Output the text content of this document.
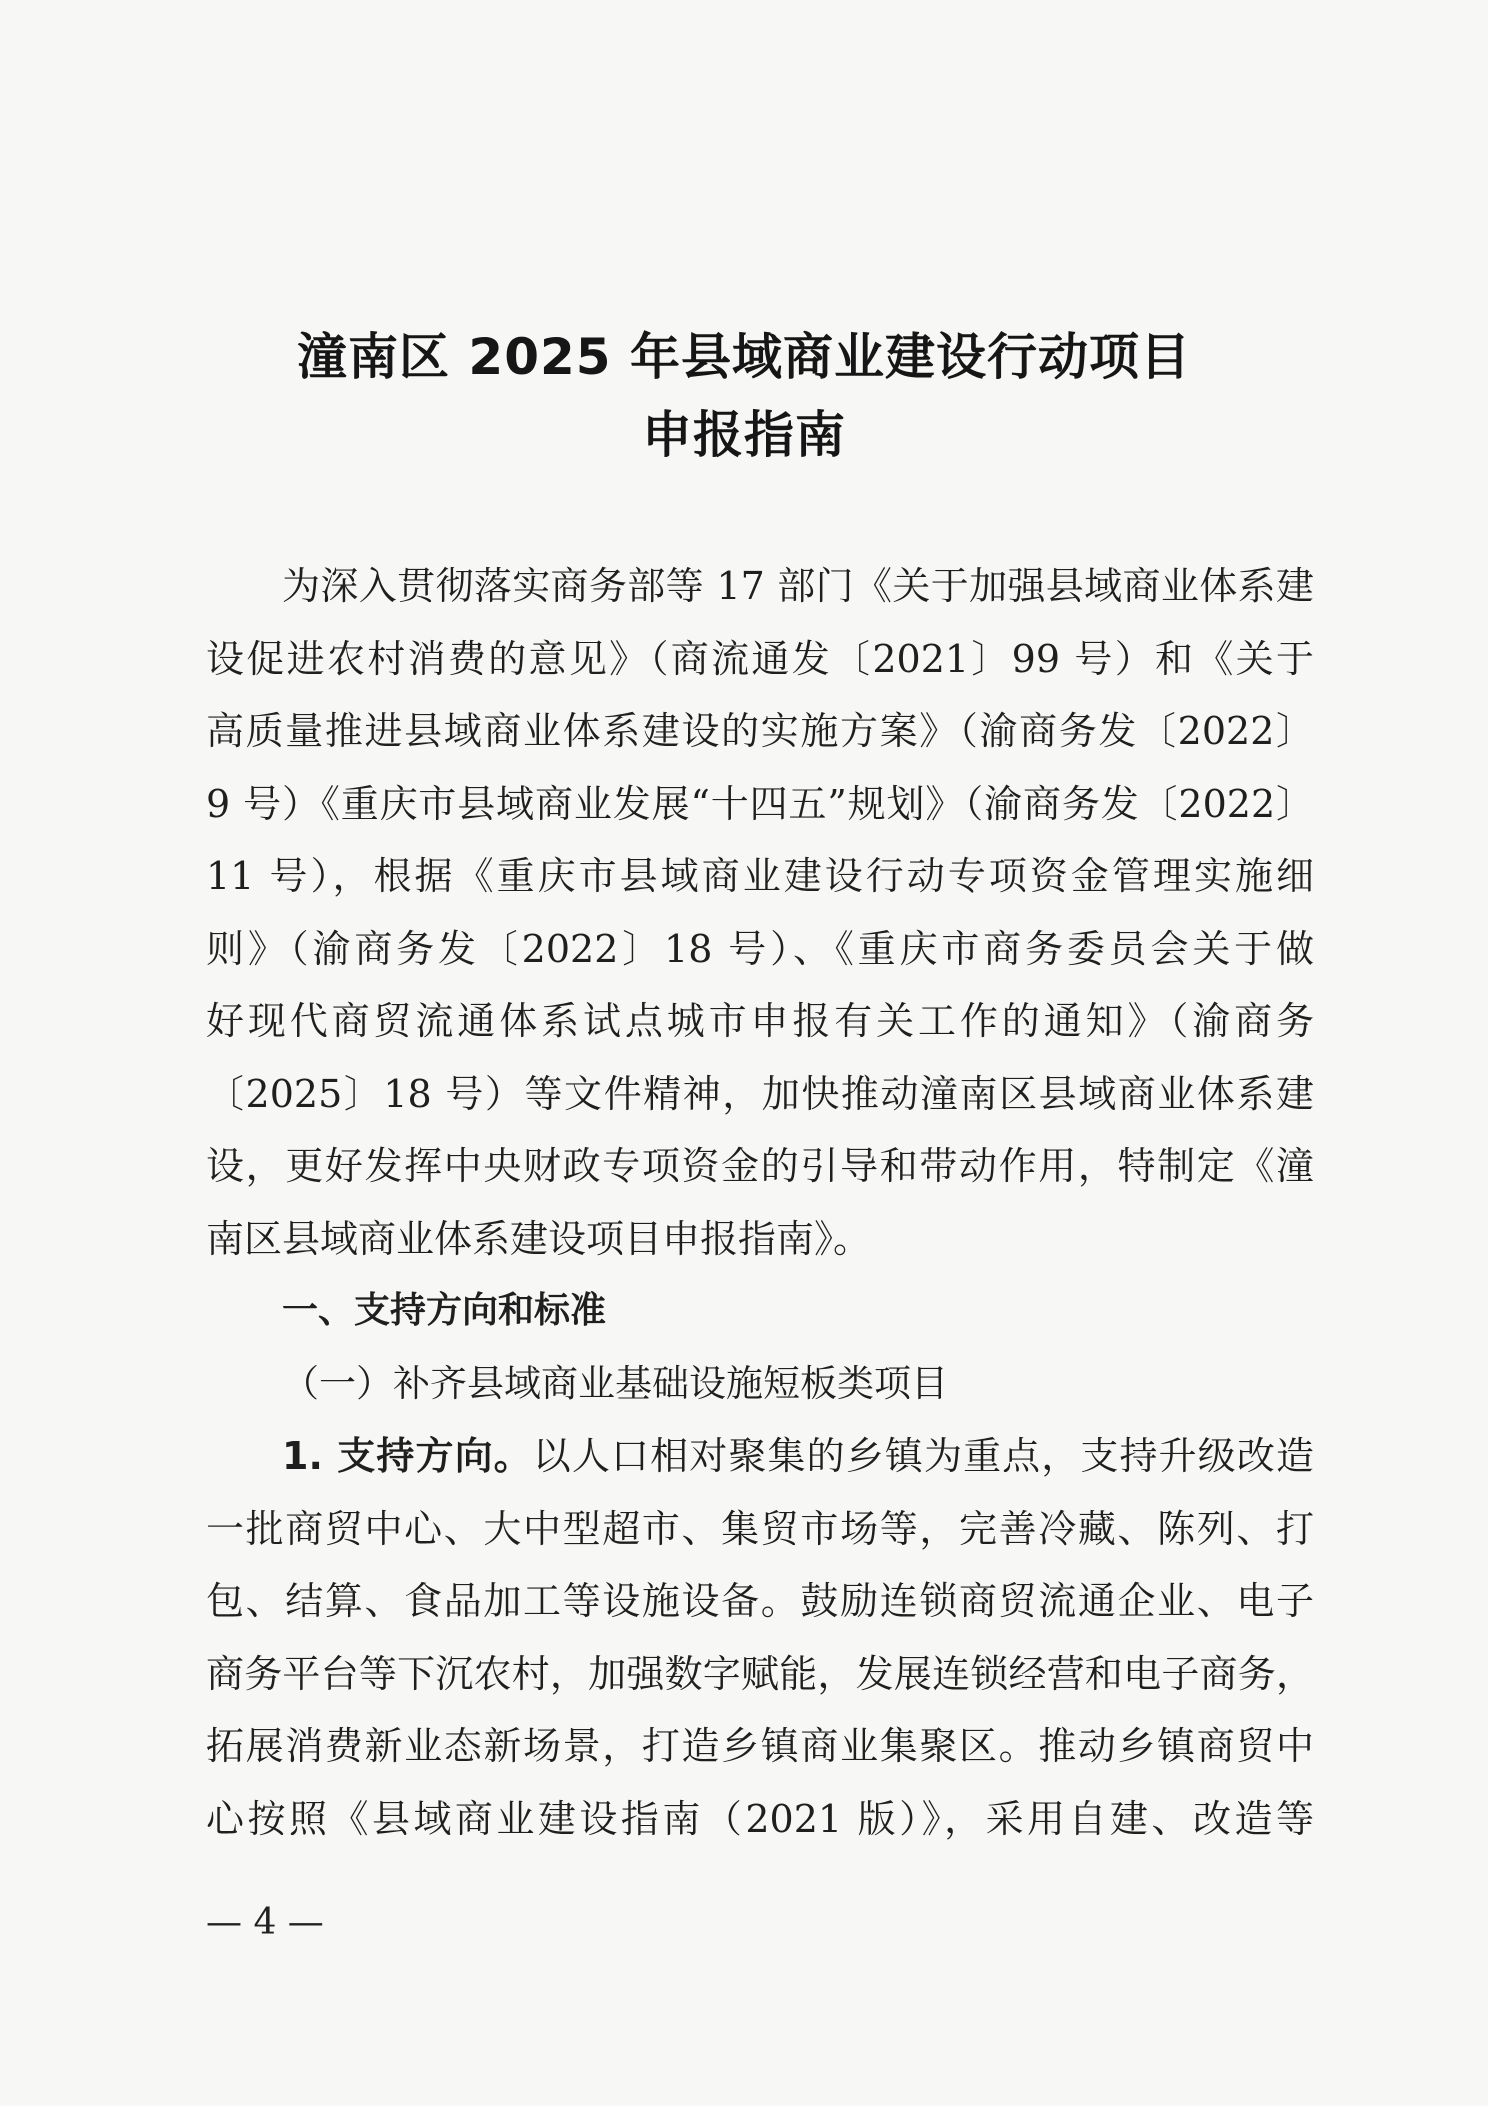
潼南区 2025 年县域商业建设行动项目
申报指南
为深入贯彻落实商务部等 17 部门《关于加强县域商业体系建
设促进农村消费的意见》（商流通发〔2021〕99 号）和《关于
高质量推进县域商业体系建设的实施方案》（渝商务发〔2022〕
9 号）《重庆市县域商业发展“十四五”规划》（渝商务发〔2022〕
11 号），根据《重庆市县域商业建设行动专项资金管理实施细
则》（渝商务发〔2022〕18 号）、《重庆市商务委员会关于做
好现代商贸流通体系试点城市申报有关工作的通知》（渝商务
〔2025〕18 号）等文件精神，加快推动潼南区县域商业体系建
设，更好发挥中央财政专项资金的引导和带动作用，特制定《潼
南区县域商业体系建设项目申报指南》。
一、支持方向和标准
（一）补齐县域商业基础设施短板类项目
1. 支持方向。以人口相对聚集的乡镇为重点，支持升级改造
一批商贸中心、大中型超市、集贸市场等，完善冷藏、陈列、打
包、结算、食品加工等设施设备。鼓励连锁商贸流通企业、电子
商务平台等下沉农村，加强数字赋能，发展连锁经营和电子商务，
拓展消费新业态新场景，打造乡镇商业集聚区。推动乡镇商贸中
心按照《县域商业建设指南（2021 版）》，采用自建、改造等
— 4 —
